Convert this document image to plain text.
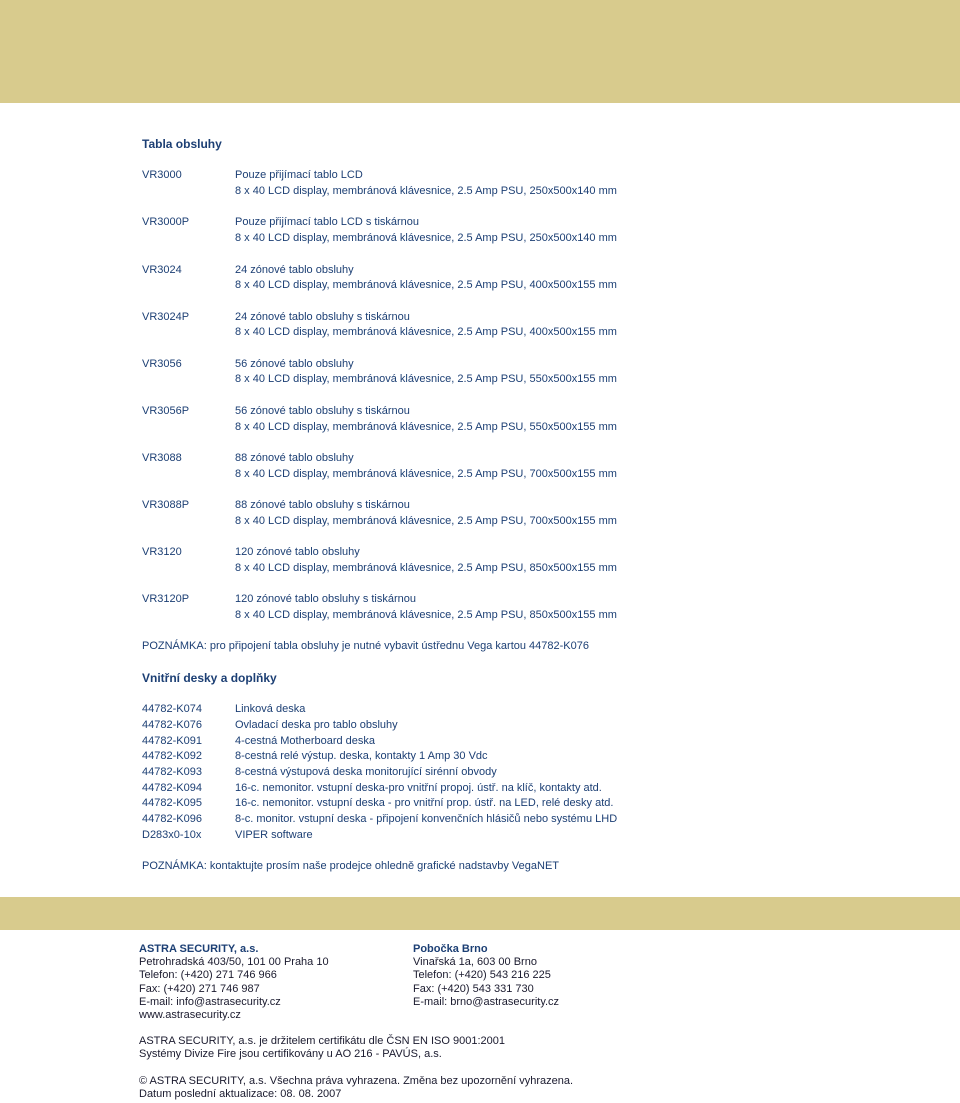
Tabla obsluhy
VR3000	Pouze přijímací tablo LCD
8 x 40 LCD display, membránová klávesnice, 2.5 Amp PSU, 250x500x140 mm
VR3000P	Pouze přijímací tablo LCD s tiskárnou
8 x 40 LCD display, membránová klávesnice, 2.5 Amp PSU, 250x500x140 mm
VR3024	24 zónové tablo obsluhy
8 x 40 LCD display, membránová klávesnice, 2.5 Amp PSU, 400x500x155 mm
VR3024P	24 zónové tablo obsluhy s tiskárnou
8 x 40 LCD display, membránová klávesnice, 2.5 Amp PSU, 400x500x155 mm
VR3056	56 zónové tablo obsluhy
8 x 40 LCD display, membránová klávesnice, 2.5 Amp PSU, 550x500x155 mm
VR3056P	56 zónové tablo obsluhy s tiskárnou
8 x 40 LCD display, membránová klávesnice, 2.5 Amp PSU, 550x500x155 mm
VR3088	88 zónové tablo obsluhy
8 x 40 LCD display, membránová klávesnice, 2.5 Amp PSU, 700x500x155 mm
VR3088P	88 zónové tablo obsluhy s tiskárnou
8 x 40 LCD display, membránová klávesnice, 2.5 Amp PSU, 700x500x155 mm
VR3120	120 zónové tablo obsluhy
8 x 40 LCD display, membránová klávesnice, 2.5 Amp PSU, 850x500x155 mm
VR3120P	120 zónové tablo obsluhy s tiskárnou
8 x 40 LCD display, membránová klávesnice, 2.5 Amp PSU, 850x500x155 mm
POZNÁMKA: pro připojení tabla obsluhy je nutné vybavit ústřednu Vega kartou 44782-K076
Vnitřní desky a doplňky
44782-K074	Linková deska
44782-K076	Ovladací deska pro tablo obsluhy
44782-K091	4-cestná Motherboard deska
44782-K092	8-cestná relé výstup. deska, kontakty 1 Amp 30 Vdc
44782-K093	8-cestná výstupová deska monitorující sirénní obvody
44782-K094	16-c. nemonitor. vstupní deska-pro vnitřní propoj. ústř. na klíč, kontakty atd.
44782-K095	16-c. nemonitor. vstupní deska - pro vnitřní prop. ústř. na LED, relé desky atd.
44782-K096	8-c. monitor. vstupní deska - připojení konvenčních hlásičů nebo systému LHD
D283x0-10x	VIPER software
POZNÁMKA: kontaktujte prosím naše prodejce ohledně grafické nadstavby VegaNET
ASTRA SECURITY, a.s.
Petrohradská 403/50, 101 00 Praha 10
Telefon: (+420) 271 746 966
Fax: (+420) 271 746 987
E-mail: info@astrasecurity.cz
www.astrasecurity.cz
Pobočka Brno
Vinařská 1a, 603 00 Brno
Telefon: (+420) 543 216 225
Fax: (+420) 543 331 730
E-mail: brno@astrasecurity.cz
ASTRA SECURITY, a.s. je držitelem certifikátu dle ČSN EN ISO 9001:2001
Systémy Divize Fire jsou certifikovány u AO 216 - PAVÚS, a.s.
© ASTRA SECURITY, a.s. Všechna práva vyhrazena. Změna bez upozornění vyhrazena.
Datum poslední aktualizace: 08. 08. 2007
